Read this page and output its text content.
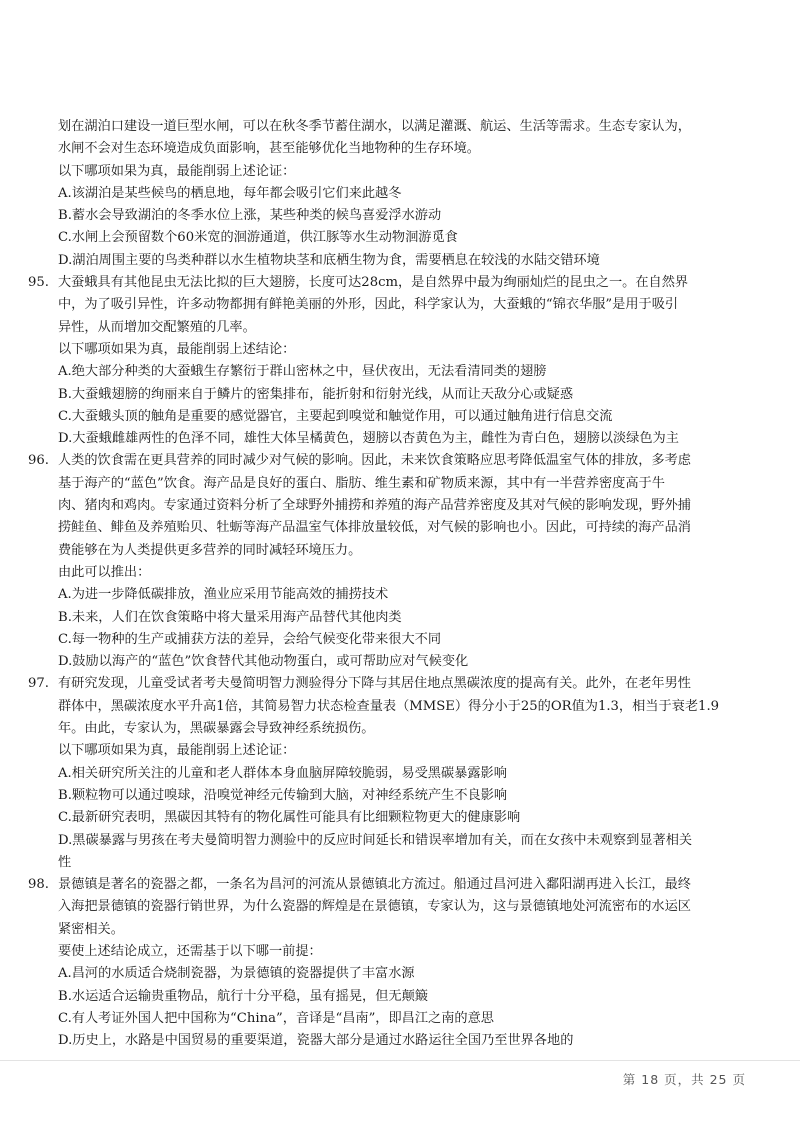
划在湖泊口建设一道巨型水闸，可以在秋冬季节蓄住湖水，以满足灌溉、航运、生活等需求。生态专家认为，

水闸不会对生态环境造成负面影响，甚至能够优化当地物种的生存环境。

以下哪项如果为真，最能削弱上述论证：

A.该湖泊是某些候鸟的栖息地，每年都会吸引它们来此越冬

B.蓄水会导致湖泊的冬季水位上涨，某些种类的候鸟喜爱浮水游动

C.水闸上会预留数个60米宽的洄游通道，供江豚等水生动物洄游觅食

D.湖泊周围主要的鸟类种群以水生植物块茎和底栖生物为食，需要栖息在较浅的水陆交错环境

95. 大蚕蛾具有其他昆虫无法比拟的巨大翅膀，长度可达28cm，是自然界中最为绚丽灿烂的昆虫之一。在自然界

中，为了吸引异性，许多动物都拥有鲜艳美丽的外形，因此，科学家认为，大蚕蛾的“锦衣华服”是用于吸引

异性，从而增加交配繁殖的几率。

以下哪项如果为真，最能削弱上述结论：

A.绝大部分种类的大蚕蛾生存繁衍于群山密林之中，昼伏夜出，无法看清同类的翅膀

B.大蚕蛾翅膀的绚丽来自于鳞片的密集排布，能折射和衍射光线，从而让天敌分心或疑惑

C.大蚕蛾头顶的触角是重要的感觉器官，主要起到嗅觉和触觉作用，可以通过触角进行信息交流

D.大蚕蛾雌雄两性的色泽不同，雄性大体呈橘黄色，翅膀以杏黄色为主，雌性为青白色，翅膀以淡绿色为主

96. 人类的饮食需在更具营养的同时减少对气候的影响。因此，未来饮食策略应思考降低温室气体的排放，多考虑

基于海产的“蓝色”饮食。海产品是良好的蛋白、脂肪、维生素和矿物质来源，其中有一半营养密度高于牛

肉、猪肉和鸡肉。专家通过资料分析了全球野外捕捞和养殖的海产品营养密度及其对气候的影响发现，野外捕

捞鲑鱼、鲱鱼及养殖贻贝、牡蛎等海产品温室气体排放量较低，对气候的影响也小。因此，可持续的海产品消

费能够在为人类提供更多营养的同时减轻环境压力。

由此可以推出：

A.为进一步降低碳排放，渔业应采用节能高效的捕捞技术

B.未来，人们在饮食策略中将大量采用海产品替代其他肉类

C.每一物种的生产或捕获方法的差异，会给气候变化带来很大不同

D.鼓励以海产的“蓝色”饮食替代其他动物蛋白，或可帮助应对气候变化

97. 有研究发现，儿童受试者考夫曼简明智力测验得分下降与其居住地点黑碳浓度的提高有关。此外，在老年男性

群体中，黑碳浓度水平升高1倍，其简易智力状态检查量表（MMSE）得分小于25的OR值为1.3，相当于衰老1.9

年。由此，专家认为，黑碳暴露会导致神经系统损伤。

以下哪项如果为真，最能削弱上述论证：

A.相关研究所关注的儿童和老人群体本身血脑屏障较脆弱，易受黑碳暴露影响

B.颗粒物可以通过嗅球，沿嗅觉神经元传输到大脑，对神经系统产生不良影响

C.最新研究表明，黑碳因其特有的物化属性可能具有比细颗粒物更大的健康影响

D.黑碳暴露与男孩在考夫曼简明智力测验中的反应时间延长和错误率增加有关，而在女孩中未观察到显著相关

性

98. 景德镇是著名的瓷器之都，一条名为昌河的河流从景德镇北方流过。船通过昌河进入鄱阳湖再进入长江，最终

入海把景德镇的瓷器行销世界，为什么瓷器的辉煌是在景德镇，专家认为，这与景德镇地处河流密布的水运区

紧密相关。

要使上述结论成立，还需基于以下哪一前提：

A.昌河的水质适合烧制瓷器，为景德镇的瓷器提供了丰富水源

B.水运适合运输贵重物品，航行十分平稳，虽有摇晃，但无颠簸

C.有人考证外国人把中国称为“China”，音译是“昌南”，即昌江之南的意思

D.历史上，水路是中国贸易的重要渠道，瓷器大部分是通过水路运往全国乃至世界各地的

第 18 页，共 25 页
